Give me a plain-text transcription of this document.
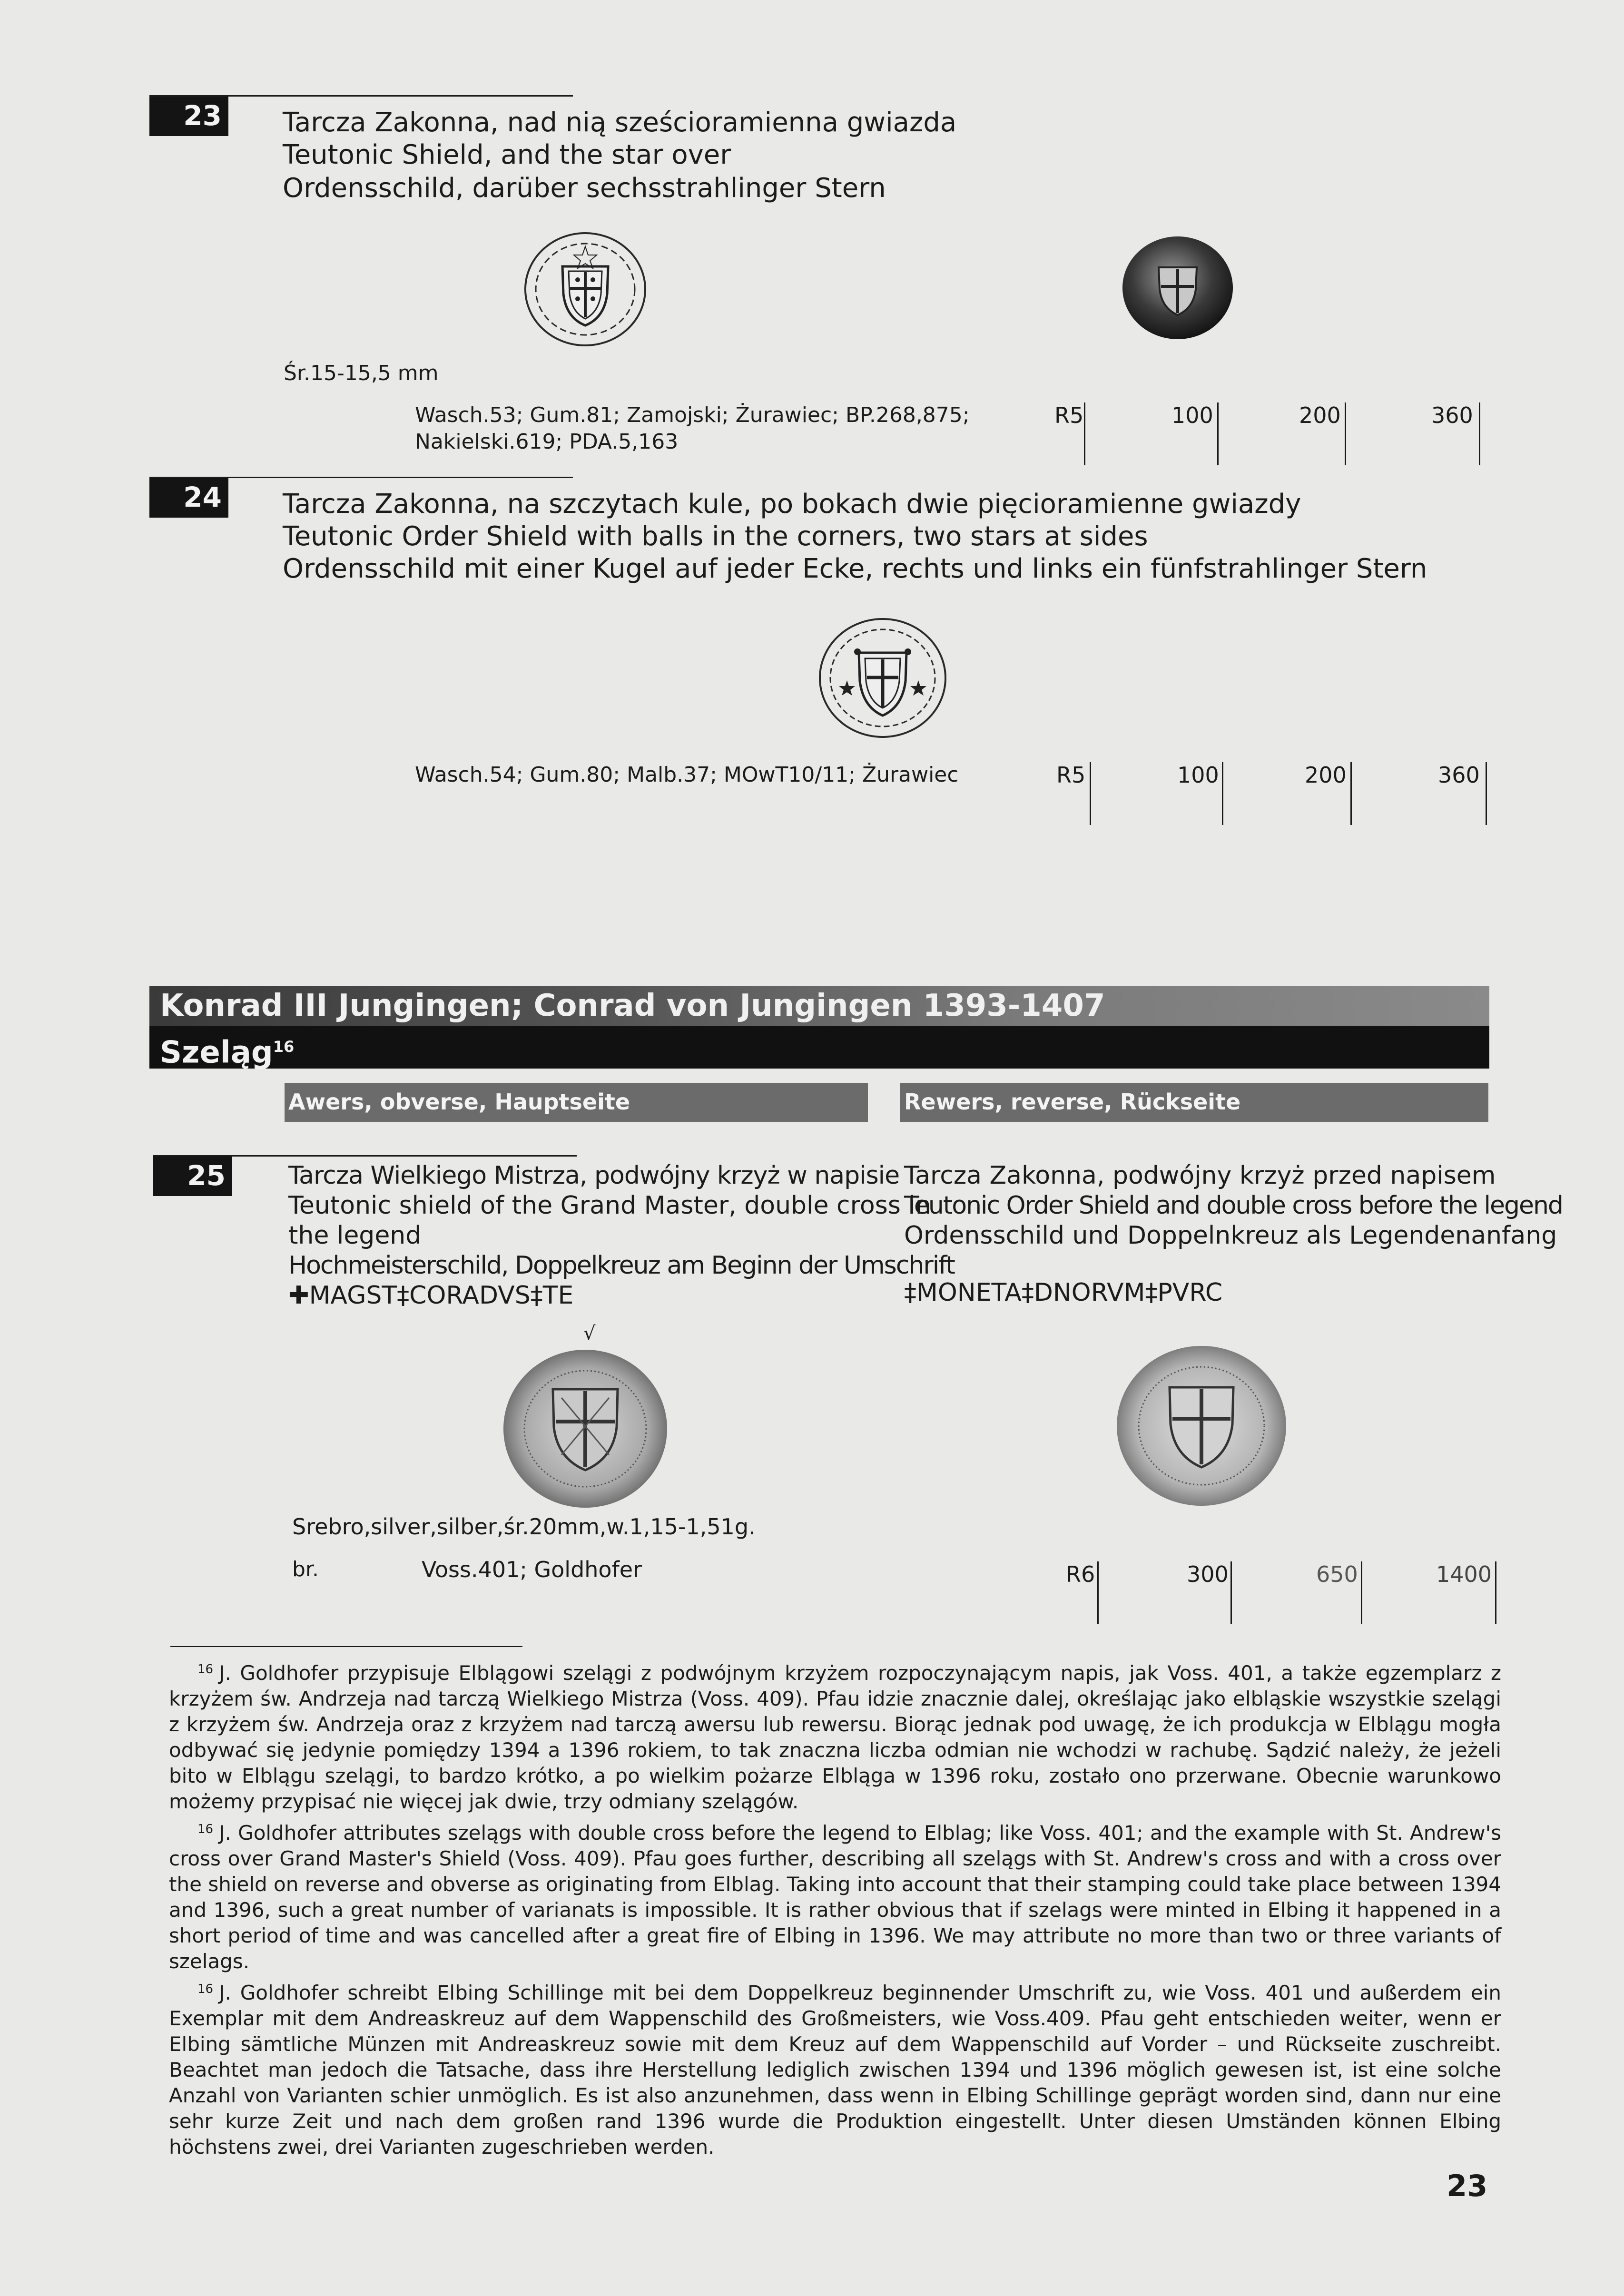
23 Tarcza Zakonna, nad nią sześcioramienna gwiazda
Teutonic Shield, and the star over
Ordensschild, darüber sechsstrahlinger Stern
Śr.15-15,5 mm
Wasch.53; Gum.81; Zamojski; Żurawiec; BP.268,875;
Nakielski.619; PDA.5,163
R5	100	200	360
24 Tarcza Zakonna, na szczytach kule, po bokach dwie pięcioramienne gwiazdy
Teutonic Order Shield with balls in the corners, two stars at sides
Ordensschild mit einer Kugel auf jeder Ecke, rechts und links ein fünfstrahlinger Stern
Wasch.54; Gum.80; Malb.37; MOwT10/11; Żurawiec	R5	100	200	360
Konrad III Jungingen; Conrad von Jungingen 1393-1407
Szeląg$^{16}$
Awers, obverse, Hauptseite	Rewers, reverse, Rückseite
25	Tarcza Wielkiego Mistrza, podwójny krzyż w napisie
Teutonic shield of the Grand Master, double cross in
the legend
Hochmeisterschild, Doppelkreuz am Beginn der Umschrift
✚MAGST‡CORADVS‡TE
Tarcza Zakonna, podwójny krzyż przed napisem
Teutonic Order Shield and double cross before the legend
Ordensschild und Doppelnkreuz als Legendenanfang
‡MONETA‡DNORVM‡PVRC
√
Srebro,silver,silber,śr.20mm,w.1,15-1,51g.
br.	Voss.401; Goldhofer	R6	300	650	1400

$^{16}$ J. Goldhofer przypisuje Elblągowi szelągi z podwójnym krzyżem rozpoczynającym napis, jak Voss. 401, a także egzemplarz z krzyżem św. Andrzeja nad tarczą Wielkiego Mistrza (Voss. 409). Pfau idzie znacznie dalej, określając jako elbląskie wszystkie szelągi z krzyżem św. Andrzeja oraz z krzyżem nad tarczą awersu lub rewersu. Biorąc jednak pod uwagę, że ich produkcja w Elblągu mogła odbywać się jedynie pomiędzy 1394 a 1396 rokiem, to tak znaczna liczba odmian nie wchodzi w rachubę. Sądzić należy, że jeżeli bito w Elblągu szelągi, to bardzo krótko, a po wielkim pożarze Elbląga w 1396 roku, zostało ono przerwane. Obecnie warunkowo możemy przypisać nie więcej jak dwie, trzy odmiany szelągów.

$^{16}$ J. Goldhofer attributes szelągs with double cross before the legend to Elblag; like Voss. 401; and the example with St. Andrew's cross over Grand Master's Shield (Voss. 409). Pfau goes further, describing all szelągs with St. Andrew's cross and with a cross over the shield on reverse and obverse as originating from Elblag. Taking into account that their stamping could take place between 1394 and 1396, such a great number of varianats is impossible. It is rather obvious that if szelags were minted in Elbing it happened in a short period of time and was cancelled after a great fire of Elbing in 1396. We may attribute no more than two or three variants of szelags.

$^{16}$ J. Goldhofer schreibt Elbing Schillinge mit bei dem Doppelkreuz beginnender Umschrift zu, wie Voss. 401 und außerdem ein Exemplar mit dem Andreaskreuz auf dem Wappenschild des Großmeisters, wie Voss.409. Pfau geht entschieden weiter, wenn er Elbing sämtliche Münzen mit Andreaskreuz sowie mit dem Kreuz auf dem Wappenschild auf Vorder – und Rückseite zuschreibt. Beachtet man jedoch die Tatsache, dass ihre Herstellung lediglich zwischen 1394 und 1396 möglich gewesen ist, ist eine solche Anzahl von Varianten schier unmöglich. Es ist also anzunehmen, dass wenn in Elbing Schillinge geprägt worden sind, dann nur eine sehr kurze Zeit und nach dem großen rand 1396 wurde die Produktion eingestellt. Unter diesen Umständen können Elbing höchstens zwei, drei Varianten zugeschrieben werden.

23
